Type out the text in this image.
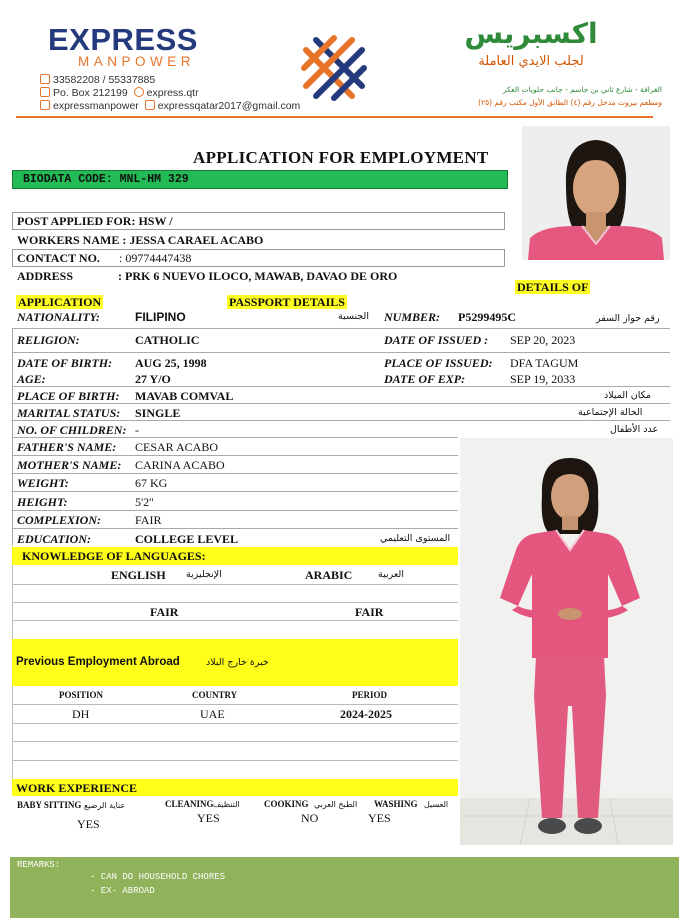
EXPRESS
MANPOWER
33582208 / 55337885
Po. Box 212199 express.qtr
expressmanpower expressqatar2017@gmail.com
اكسبريس
لجلب الايدي العاملة
الغرافة - شارع ثاني بن جاسم - جانب حلويات العكر
ومطعم بيروت مدخل رقم (٤) الطابق الأول مكتب رقم (٢٥)
APPLICATION FOR EMPLOYMENT
BIODATA CODE: MNL-HM 329
POST APPLIED FOR: HSW /
WORKERS NAME : JESSA CARAEL ACABO
CONTACT NO. : 09774447438
ADDRESS	: PRK 6 NUEVO ILOCO, MAWAB, DAVAO DE ORO
DETAILS OF
APPLICATION	PASSPORT DETAILS
NATIONALITY:	FILIPINO	الجنسية NUMBER: P5299495C	رقم جواز السفر
RELIGION:	CATHOLIC	DATE OF ISSUED : SEP 20, 2023
DATE OF BIRTH: AUG 25, 1998	PLACE OF ISSUED: DFA TAGUM
AGE:	27 Y/O	DATE OF EXP:	SEP 19, 2033
PLACE OF BIRTH: MAVAB COMVAL	مكان الميلاد
MARITAL STATUS: SINGLE	الحالة الإجتماعية
NO. OF CHILDREN: -	عدد الأطفال
FATHER'S NAME: CESAR ACABO
MOTHER'S NAME: CARINA ACABO
WEIGHT:	67 KG
HEIGHT:	5'2''
COMPLEXION:	FAIR
EDUCATION:	COLLEGE LEVEL	المستوى التعليمي
KNOWLEDGE OF LANGUAGES:
ENGLISH الإنجليزية	ARABIC	العربية
FAIR	FAIR
Previous Employment Abroad	خبرة خارج البلاد
POSITION	COUNTRY	PERIOD
DH	UAE	2024-2025
WORK EXPERIENCE
BABY SITTING عناية الرضيع
YES
CLEANING التنظيف
YES
COOKING الطبخ العربي
NO
WASHING الغسيل
YES
REMARKS:
- CAN DO HOUSEHOLD CHORES
- EX- ABROAD
